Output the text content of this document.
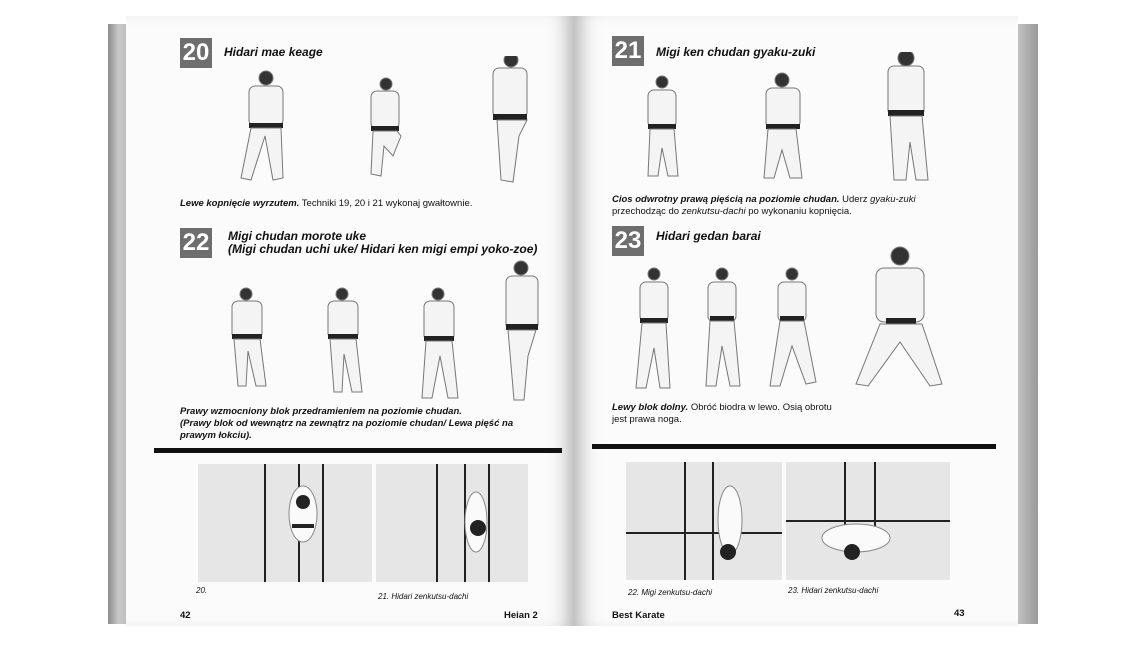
20 Hidari mae keage
Lewe kopnięcie wyrzutem. Techniki 19, 20 i 21 wykonaj gwałtownie.
22 Migi chudan morote uke
(Migi chudan uchi uke/ Hidari ken migi empi yoko-zoe)
Prawy wzmocniony blok przedramieniem na poziomie chudan.
(Prawy blok od wewnątrz na zewnątrz na poziomie chudan/ Lewa pięść na
prawym łokciu).
20.
21. Hidari zenkutsu-dachi
42	Heian 2
21 Migi ken chudan gyaku-zuki
Cios odwrotny prawą pięścią na poziomie chudan. Uderz gyaku-zuki
przechodząc do zenkutsu-dachi po wykonaniu kopnięcia.
23 Hidari gedan barai
Lewy blok dolny. Obróć biodra w lewo. Osią obrotu
jest prawa noga.
22. Migi zenkutsu-dachi	23. Hidari zenkutsu-dachi
Best Karate	43
